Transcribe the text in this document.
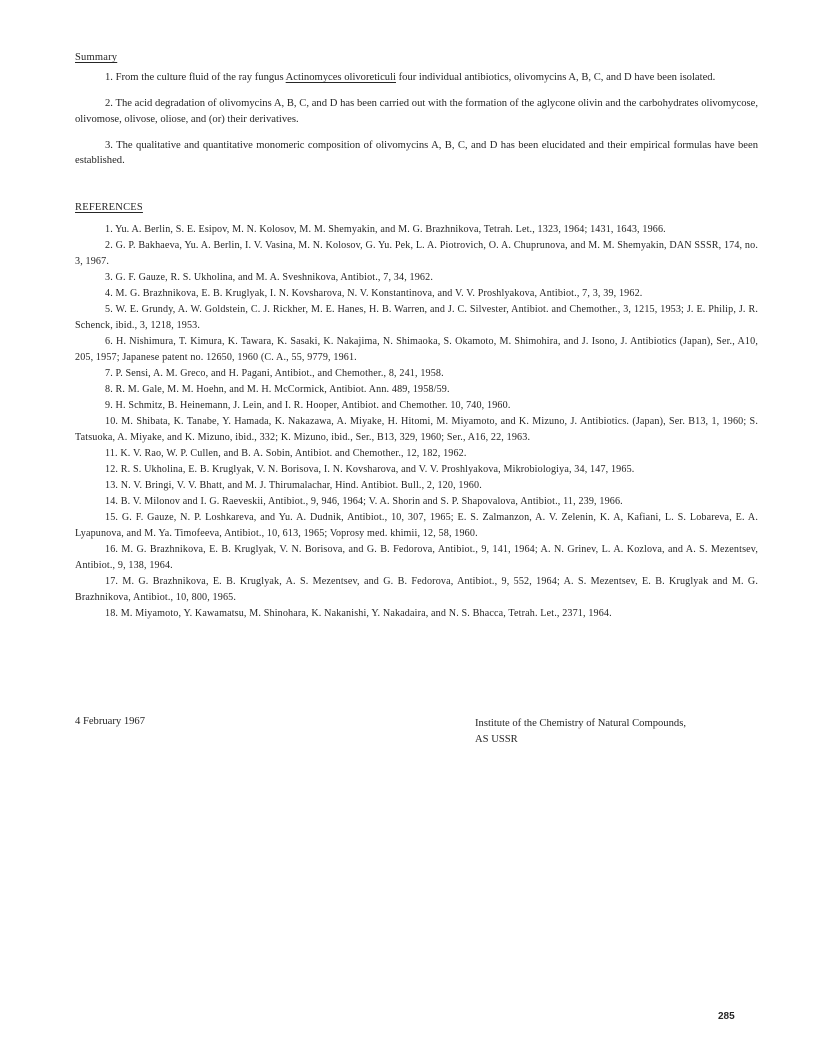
Summary

1. From the culture fluid of the ray fungus Actinomyces olivoreticuli four individual antibiotics, olivomycins A, B, C, and D have been isolated.

2. The acid degradation of olivomycins A, B, C, and D has been carried out with the formation of the aglycone olivin and the carbohydrates olivomycose, olivomose, olivose, oliose, and (or) their derivatives.

3. The qualitative and quantitative monomeric composition of olivomycins A, B, C, and D has been elucidated and their empirical formulas have been established.

REFERENCES
1. Yu. A. Berlin, S. E. Esipov, M. N. Kolosov, M. M. Shemyakin, and M. G. Brazhnikova, Tetrah. Let., 1323, 1964; 1431, 1643, 1966.
2. G. P. Bakhaeva, Yu. A. Berlin, I. V. Vasina, M. N. Kolosov, G. Yu. Pek, L. A. Piotrovich, O. A. Chuprunova, and M. M. Shemyakin, DAN SSSR, 174, no. 3, 1967.
3. G. F. Gauze, R. S. Ukholina, and M. A. Sveshnikova, Antibiot., 7, 34, 1962.
4. M. G. Brazhnikova, E. B. Kruglyak, I. N. Kovsharova, N. V. Konstantinova, and V. V. Proshlyakova, Antibiot., 7, 3, 39, 1962.
5. W. E. Grundy, A. W. Goldstein, C. J. Rickher, M. E. Hanes, H. B. Warren, and J. C. Silvester, Antibiot. and Chemother., 3, 1215, 1953; J. E. Philip, J. R. Schenck, ibid., 3, 1218, 1953.
6. H. Nishimura, T. Kimura, K. Tawara, K. Sasaki, K. Nakajima, N. Shimaoka, S. Okamoto, M. Shimohira, and J. Isono, J. Antibiotics (Japan), Ser., A10, 205, 1957; Japanese patent no. 12650, 1960 (C. A., 55, 9779, 1961.
7. P. Sensi, A. M. Greco, and H. Pagani, Antibiot., and Chemother., 8, 241, 1958.
8. R. M. Gale, M. M. Hoehn, and M. H. McCormick, Antibiot. Ann. 489, 1958/59.
9. H. Schmitz, B. Heinemann, J. Lein, and I. R. Hooper, Antibiot. and Chemother. 10, 740, 1960.
10. M. Shibata, K. Tanabe, Y. Hamada, K. Nakazawa, A. Miyake, H. Hitomi, M. Miyamoto, and K. Mizuno, J. Antibiotics. (Japan), Ser. B13, 1, 1960; S. Tatsuoka, A. Miyake, and K. Mizuno, ibid., 332; K. Mizuno, ibid., Ser., B13, 329, 1960; Ser., A16, 22, 1963.
11. K. V. Rao, W. P. Cullen, and B. A. Sobin, Antibiot. and Chemother., 12, 182, 1962.
12. R. S. Ukholina, E. B. Kruglyak, V. N. Borisova, I. N. Kovsharova, and V. V. Proshlyakova, Mikrobiologiya, 34, 147, 1965.
13. N. V. Bringi, V. V. Bhatt, and M. J. Thirumalachar, Hind. Antibiot. Bull., 2, 120, 1960.
14. B. V. Milonov and I. G. Raeveskii, Antibiot., 9, 946, 1964; V. A. Shorin and S. P. Shapovalova, Antibiot., 11, 239, 1966.
15. G. F. Gauze, N. P. Loshkareva, and Yu. A. Dudnik, Antibiot., 10, 307, 1965; E. S. Zalmanzon, A. V. Zelenin, K. A, Kafiani, L. S. Lobareva, E. A. Lyapunova, and M. Ya. Timofeeva, Antibiot., 10, 613, 1965; Voprosy med. khimii, 12, 58, 1960.
16. M. G. Brazhnikova, E. B. Kruglyak, V. N. Borisova, and G. B. Fedorova, Antibiot., 9, 141, 1964; A. N. Grinev, L. A. Kozlova, and A. S. Mezentsev, Antibiot., 9, 138, 1964.
17. M. G. Brazhnikova, E. B. Kruglyak, A. S. Mezentsev, and G. B. Fedorova, Antibiot., 9, 552, 1964; A. S. Mezentsev, E. B. Kruglyak and M. G. Brazhnikova, Antibiot., 10, 800, 1965.
18. M. Miyamoto, Y. Kawamatsu, M. Shinohara, K. Nakanishi, Y. Nakadaira, and N. S. Bhacca, Tetrah. Let., 2371, 1964.
4 February 1967	Institute of the Chemistry of Natural Compounds,
AS USSR
285
